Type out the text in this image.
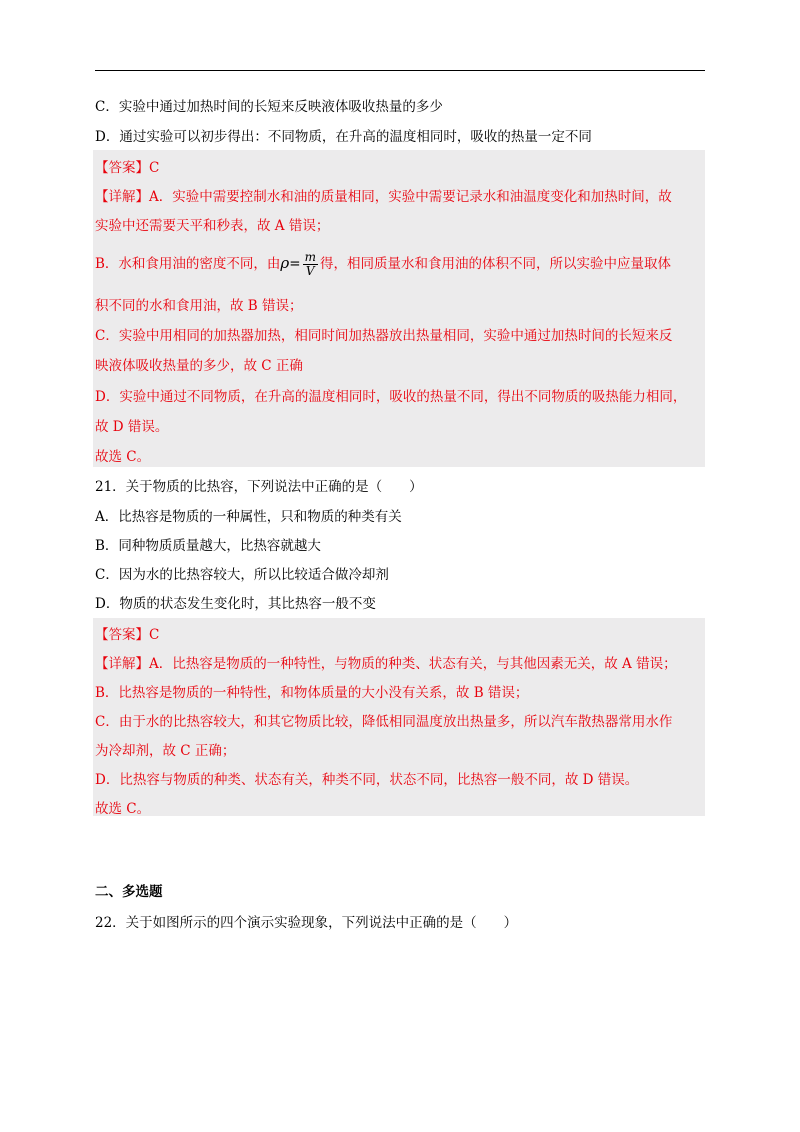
C．实验中通过加热时间的长短来反映液体吸收热量的多少
D．通过实验可以初步得出：不同物质，在升高的温度相同时，吸收的热量一定不同
【答案】C
【详解】A．实验中需要控制水和油的质量相同，实验中需要记录水和油温度变化和加热时间，故
实验中还需要天平和秒表，故 A 错误；
B．水和食用油的密度不同，由$\rho= \frac{m}{V}$ 得，相同质量水和食用油的体积不同，所以实验中应量取体
积不同的水和食用油，故 B 错误；
C．实验中用相同的加热器加热，相同时间加热器放出热量相同，实验中通过加热时间的长短来反
映液体吸收热量的多少，故 C 正确
D．实验中通过不同物质，在升高的温度相同时，吸收的热量不同，得出不同物质的吸热能力相同，
故 D 错误。
故选 C。
21．关于物质的比热容，下列说法中正确的是（　　）
A．比热容是物质的一种属性，只和物质的种类有关
B．同种物质质量越大，比热容就越大
C．因为水的比热容较大，所以比较适合做冷却剂
D．物质的状态发生变化时，其比热容一般不变
【答案】C
【详解】A．比热容是物质的一种特性，与物质的种类、状态有关，与其他因素无关，故 A 错误；
B．比热容是物质的一种特性，和物体质量的大小没有关系，故 B 错误；
C．由于水的比热容较大，和其它物质比较，降低相同温度放出热量多，所以汽车散热器常用水作
为冷却剂，故 C 正确；
D．比热容与物质的种类、状态有关，种类不同，状态不同，比热容一般不同，故 D 错误。
故选 C。
二、多选题
22．关于如图所示的四个演示实验现象，下列说法中正确的是（　　）
